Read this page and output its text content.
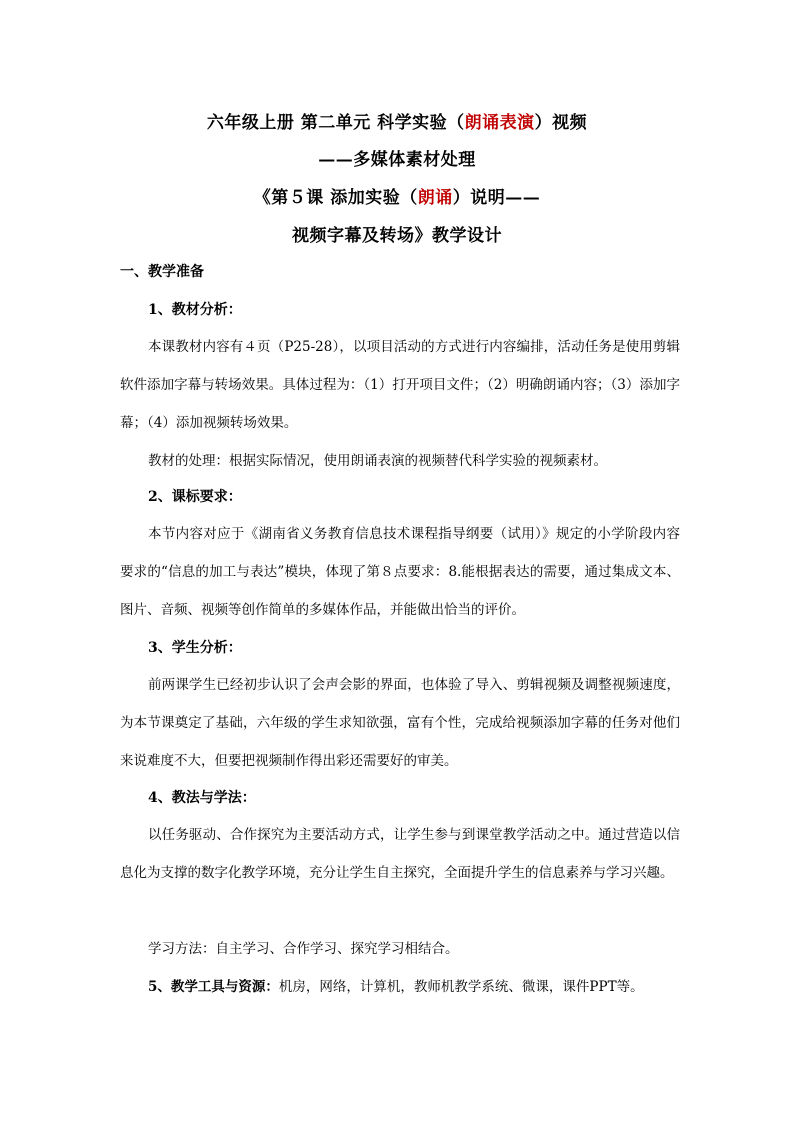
六年级上册 第二单元 科学实验（朗诵表演）视频
——多媒体素材处理
《第５课 添加实验（朗诵）说明——
视频字幕及转场》教学设计
一、教学准备
1、教材分析：
本课教材内容有４页（P25-28），以项目活动的方式进行内容编排，活动任务是使用剪辑软件添加字幕与转场效果。具体过程为：（1）打开项目文件；（2）明确朗诵内容；（3）添加字幕；（4）添加视频转场效果。
教材的处理：根据实际情况，使用朗诵表演的视频替代科学实验的视频素材。
2、课标要求：
本节内容对应于《湖南省义务教育信息技术课程指导纲要（试用）》规定的小学阶段内容要求的“信息的加工与表达”模块，体现了第８点要求：8.能根据表达的需要，通过集成文本、图片、音频、视频等创作简单的多媒体作品，并能做出恰当的评价。
3、学生分析：
前两课学生已经初步认识了会声会影的界面，也体验了导入、剪辑视频及调整视频速度，为本节课奠定了基础，六年级的学生求知欲强，富有个性，完成给视频添加字幕的任务对他们来说难度不大，但要把视频制作得出彩还需要好的审美。
4、教法与学法：
以任务驱动、合作探究为主要活动方式，让学生参与到课堂教学活动之中。通过营造以信息化为支撑的数字化教学环境，充分让学生自主探究，全面提升学生的信息素养与学习兴趣。
学习方法：自主学习、合作学习、探究学习相结合。
5、教学工具与资源：机房，网络，计算机，教师机教学系统、微课，课件PPT等。
